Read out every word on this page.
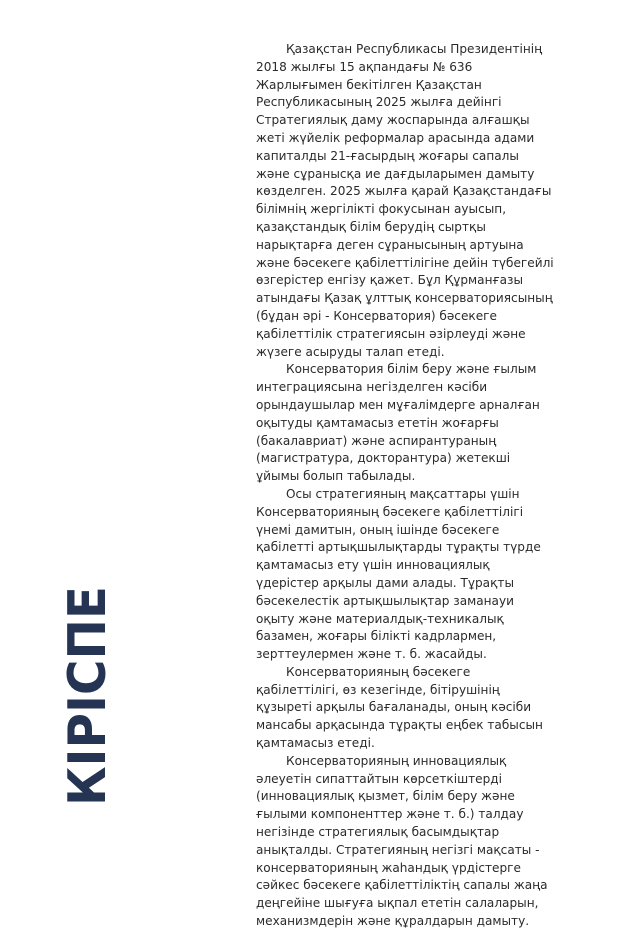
КІРІСПЕ

Қазақстан Республикасы Президентінің 2018 жылғы 15 ақпандағы № 636 Жарлығымен бекітілген Қазақстан Республикасының 2025 жылға дейінгі Стратегиялық даму жоспарында алғашқы жеті жүйелік реформалар арасында адами капиталды 21-ғасырдың жоғары сапалы және сұранысқа ие дағдыларымен дамыту көзделген. 2025 жылға қарай Қазақстандағы білімнің жергілікті фокусынан ауысып, қазақстандық білім берудің сыртқы нарықтарға деген сұранысының артуына және бәсекеге қабілеттілігіне дейін түбегейлі өзгерістер енгізу қажет. Бұл Құрманғазы атындағы Қазақ ұлттық консерваториясының (бұдан әрі - Консерватория) бәсекеге қабілеттілік стратегиясын әзірлеуді және жүзеге асыруды талап етеді.

Консерватория білім беру және ғылым интеграциясына негізделген кәсіби орындаушылар мен мұғалімдерге арналған оқытуды қамтамасыз ететін жоғарғы (бакалавриат) және аспирантураның (магистратура, докторантура) жетекші ұйымы болып табылады.

Осы стратегияның мақсаттары үшін Консерваторияның бәсекеге қабілеттілігі үнемі дамитын, оның ішінде бәсекеге қабілетті артықшылықтарды тұрақты түрде қамтамасыз ету үшін инновациялық үдерістер арқылы дами алады. Тұрақты бәсекелестік артықшылықтар заманауи оқыту және материалдық-техникалық базамен, жоғары білікті кадрлармен, зерттеулермен және т. б. жасайды.

Консерваторияның бәсекеге қабілеттілігі, өз кезегінде, бітірушінің құзыреті арқылы бағаланады, оның кәсіби мансабы арқасында тұрақты еңбек табысын қамтамасыз етеді.

Консерваторияның инновациялық әлеуетін сипаттайтын көрсеткіштерді (инновациялық қызмет, білім беру және ғылыми компоненттер және т. б.) талдау негізінде стратегиялық басымдықтар анықталды. Стратегияның негізгі мақсаты - консерваторияның жаһандық үрдістерге сәйкес бәсекеге қабілеттіліктің сапалы жаңа деңгейіне шығуға ықпал ететін салаларын, механизмдерін және құралдарын дамыту.
